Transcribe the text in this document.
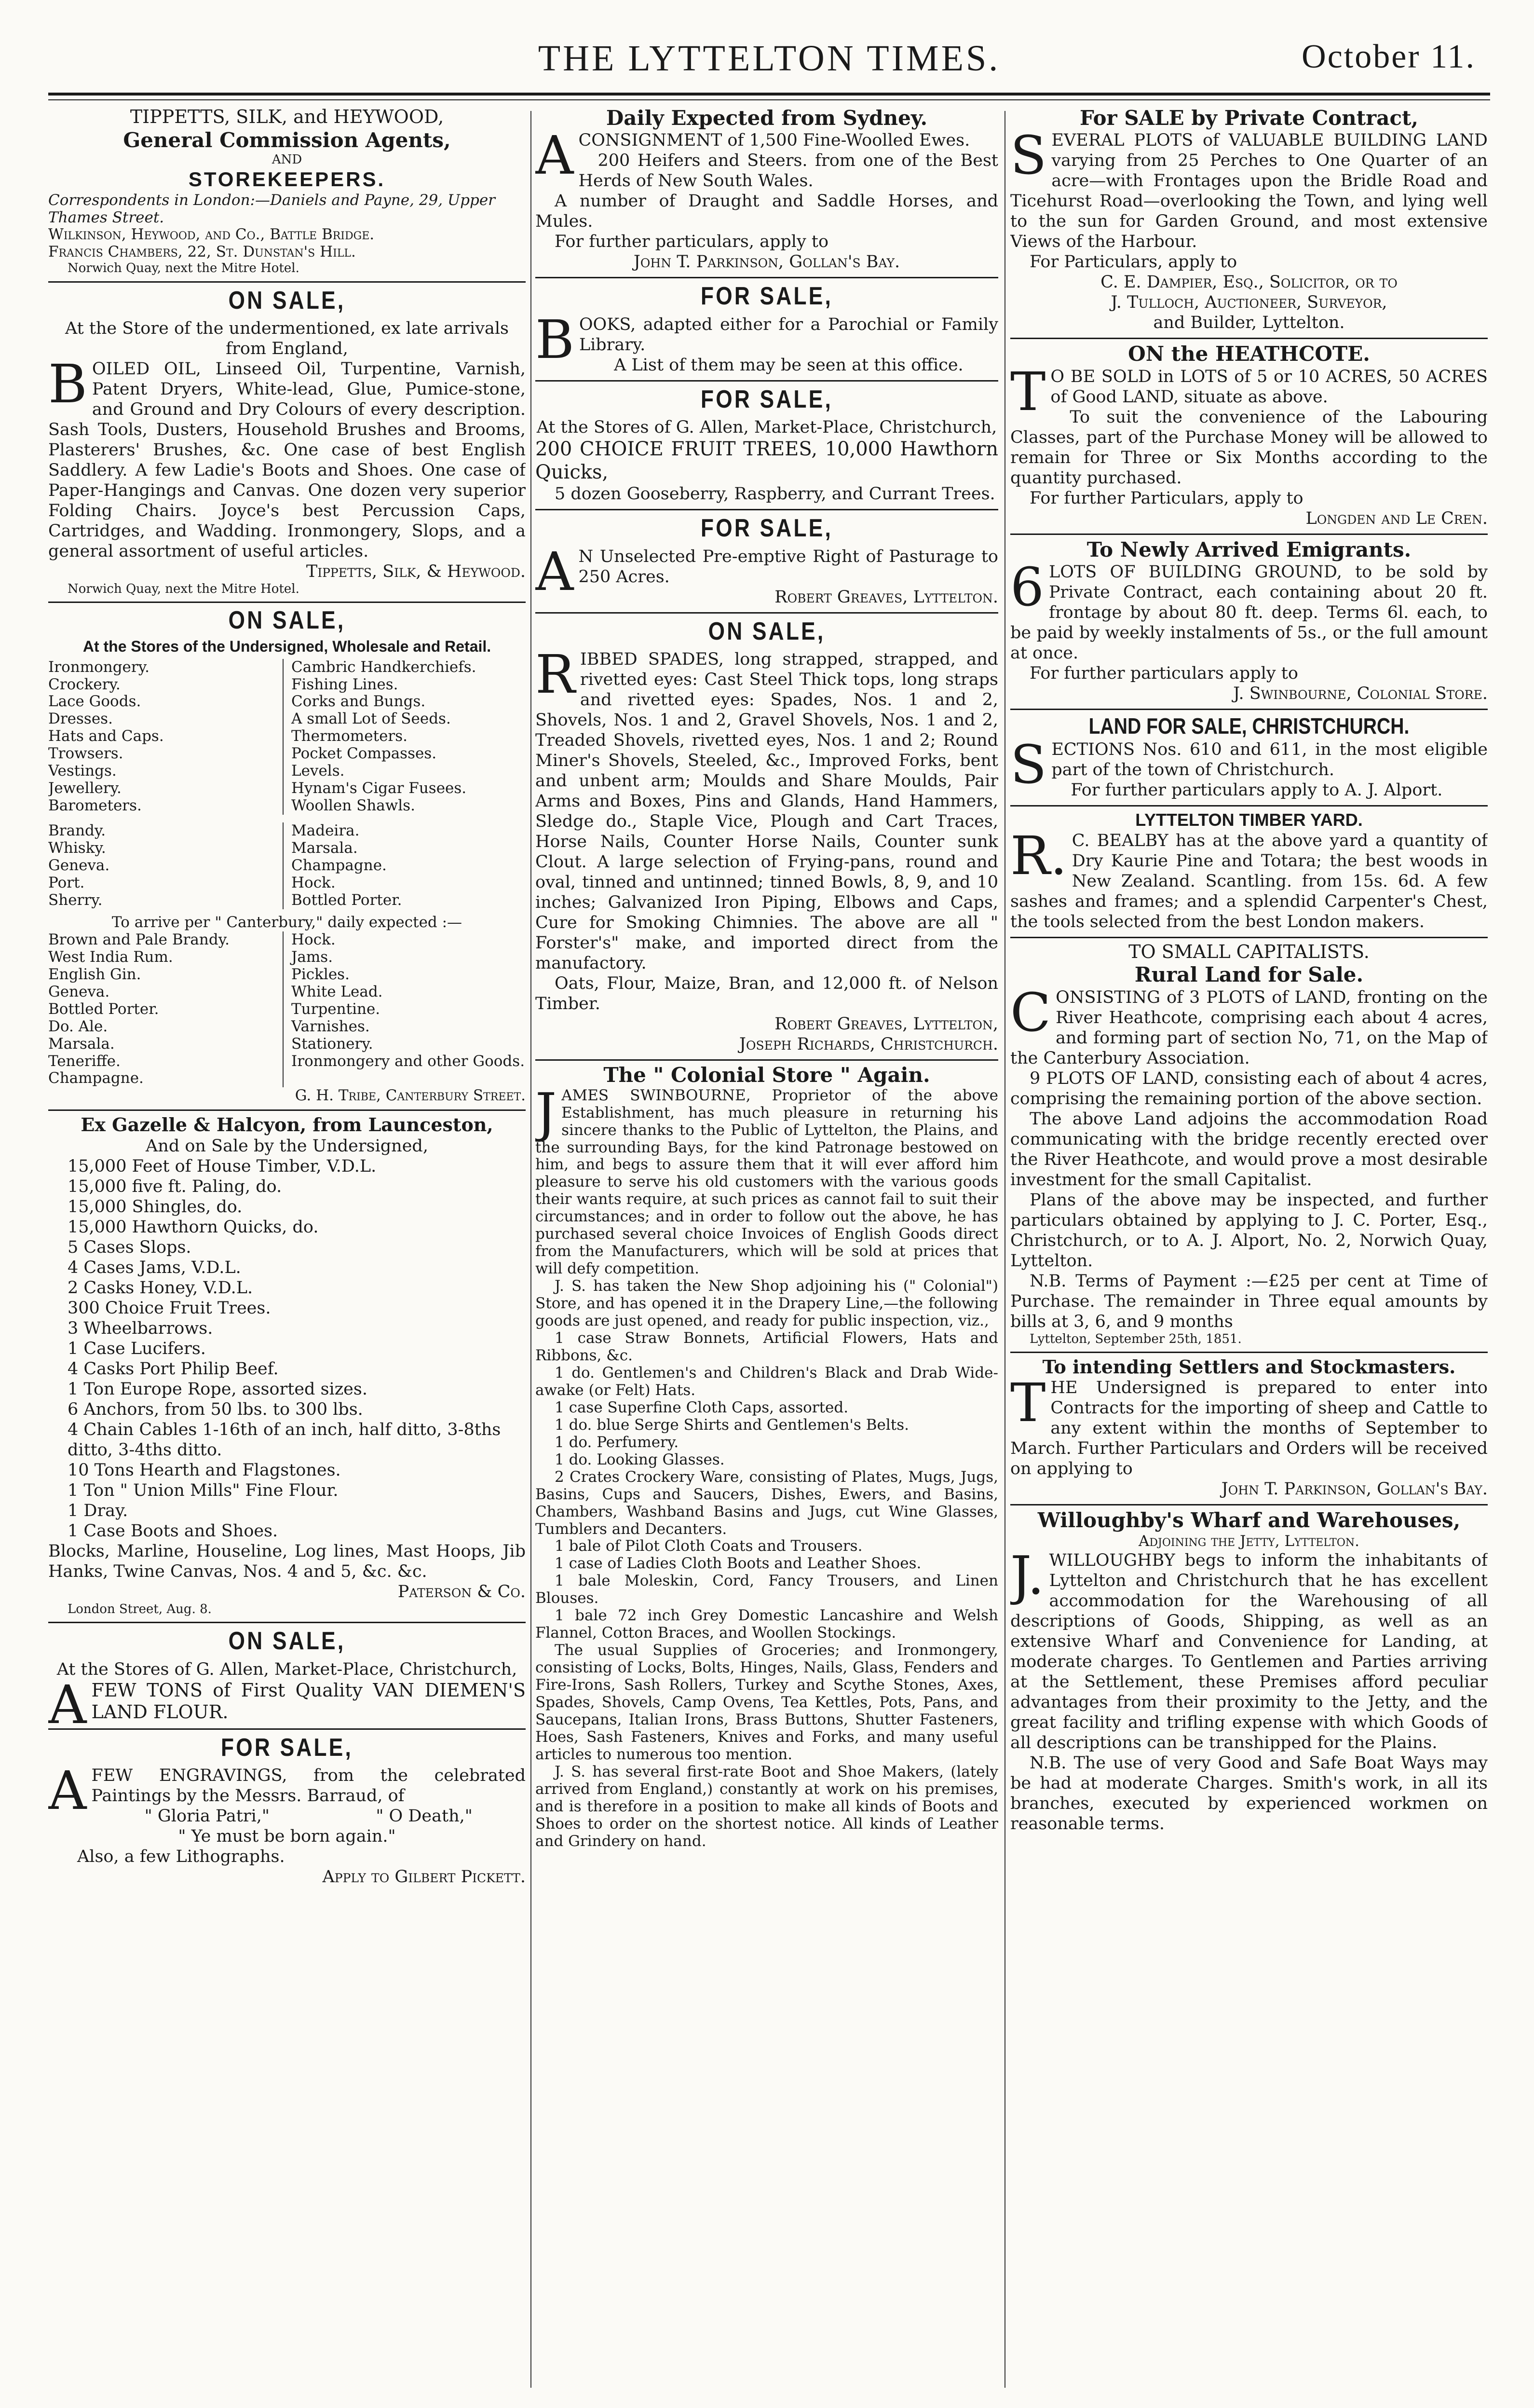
THE LYTTELTON TIMES.	October 11.
TIPPETTS, SILK, and HEYWOOD,
General Commission Agents,
AND
STOREKEEPERS.
Correspondents in London:—Daniels and Payne, 29, Upper Thames Street.
Wilkinson, Heywood, and Co., Battle Bridge.
Francis Chambers, 22, St. Dunstan's Hill.
Norwich Quay, next the Mitre Hotel.
ON SALE,
At the Store of the undermentioned, ex late arrivals from England,

BOILED OIL, Linseed Oil, Turpentine, Varnish, Patent Dryers, White-lead, Glue, Pumice-stone, and Ground and Dry Colours of every description. Sash Tools, Dusters, Household Brushes and Brooms, Plasterers' Brushes, &c. One case of best English Saddlery. A few Ladie's Boots and Shoes. One case of Paper-Hangings and Canvas. One dozen very superior Folding Chairs. Joyce's best Percussion Caps, Cartridges, and Wadding. Ironmongery, Slops, and a general assortment of useful articles.

Tippetts, Silk, & Heywood.
Norwich Quay, next the Mitre Hotel.
ON SALE,
At the Stores of the Undersigned, Wholesale and Retail.
Ironmongery.
Crockery.
Lace Goods.
Dresses.
Hats and Caps.
Trowsers.
Vestings.
Jewellery.
Barometers.
Cambric Handkerchiefs.
Fishing Lines.
Corks and Bungs.
A small Lot of Seeds.
Thermometers.
Pocket Compasses.
Levels.
Hynam's Cigar Fusees.
Woollen Shawls.
Brandy.
Whisky.
Geneva.
Port.
Sherry.
Madeira.
Marsala.
Champagne.
Hock.
Bottled Porter.
To arrive per " Canterbury," daily expected :—
Brown and Pale Brandy.
West India Rum.
English Gin.
Geneva.
Bottled Porter.
Do. Ale.
Marsala.
Teneriffe.
Champagne.
Hock.
Jams.
Pickles.
White Lead.
Turpentine.
Varnishes.
Stationery.
Ironmongery and other Goods.
G. H. Tribe, Canterbury Street.
Ex Gazelle & Halcyon, from Launceston,
And on Sale by the Undersigned,
15,000 Feet of House Timber, V.D.L.
15,000 five ft. Paling, do.
15,000 Shingles, do.
15,000 Hawthorn Quicks, do.
5 Cases Slops.
4 Cases Jams, V.D.L.
2 Casks Honey, V.D.L.
300 Choice Fruit Trees.
3 Wheelbarrows.
1 Case Lucifers.
4 Casks Port Philip Beef.
1 Ton Europe Rope, assorted sizes.
6 Anchors, from 50 lbs. to 300 lbs.
4 Chain Cables 1-16th of an inch, half ditto, 3-8ths ditto, 3-4ths ditto.
10 Tons Hearth and Flagstones.
1 Ton " Union Mills" Fine Flour.
1 Dray.
1 Case Boots and Shoes.

Blocks, Marline, Houseline, Log lines, Mast Hoops, Jib Hanks, Twine Canvas, Nos. 4 and 5, &c. &c.

Paterson & Co.
London Street, Aug. 8.
ON SALE,
At the Stores of G. Allen, Market-Place, Christchurch,

AFEW TONS of First Quality VAN DIEMEN'S LAND FLOUR.

FOR SALE,

AFEW ENGRAVINGS, from the celebrated Paintings by the Messrs. Barraud, of

" Gloria Patri,"	" O Death,"
" Ye must be born again."
Also, a few Lithographs.
Apply to Gilbert Pickett.
Daily Expected from Sydney.

ACONSIGNMENT of 1,500 Fine-Woolled Ewes.

200 Heifers and Steers. from one of the Best Herds of New South Wales.

A number of Draught and Saddle Horses, and Mules.

For further particulars, apply to

John T. Parkinson, Gollan's Bay.
FOR SALE,

BOOKS, adapted either for a Parochial or Family Library.

A List of them may be seen at this office.
FOR SALE,
At the Stores of G. Allen, Market-Place, Christchurch,

200 CHOICE FRUIT TREES, 10,000 Hawthorn Quicks,

5 dozen Gooseberry, Raspberry, and Currant Trees.

FOR SALE,

AN Unselected Pre-emptive Right of Pasturage to 250 Acres.

Robert Greaves, Lyttelton.
ON SALE,

RIBBED SPADES, long strapped, strapped, and rivetted eyes: Cast Steel Thick tops, long straps and rivetted eyes: Spades, Nos. 1 and 2, Shovels, Nos. 1 and 2, Gravel Shovels, Nos. 1 and 2, Treaded Shovels, rivetted eyes, Nos. 1 and 2; Round Miner's Shovels, Steeled, &c., Improved Forks, bent and unbent arm; Moulds and Share Moulds, Pair Arms and Boxes, Pins and Glands, Hand Hammers, Sledge do., Staple Vice, Plough and Cart Traces, Horse Nails, Counter Horse Nails, Counter sunk Clout. A large selection of Frying-pans, round and oval, tinned and untinned; tinned Bowls, 8, 9, and 10 inches; Galvanized Iron Piping, Elbows and Caps, Cure for Smoking Chimnies. The above are all " Forster's" make, and imported direct from the manufactory.

Oats, Flour, Maize, Bran, and 12,000 ft. of Nelson Timber.

Robert Greaves, Lyttelton,
Joseph Richards, Christchurch.
The " Colonial Store " Again.

JAMES SWINBOURNE, Proprietor of the above Establishment, has much pleasure in returning his sincere thanks to the Public of Lyttelton, the Plains, and the surrounding Bays, for the kind Patronage bestowed on him, and begs to assure them that it will ever afford him pleasure to serve his old customers with the various goods their wants require, at such prices as cannot fail to suit their circumstances; and in order to follow out the above, he has purchased several choice Invoices of English Goods direct from the Manufacturers, which will be sold at prices that will defy competition.

J. S. has taken the New Shop adjoining his (" Colonial") Store, and has opened it in the Drapery Line,—the following goods are just opened, and ready for public inspection, viz.,

1 case Straw Bonnets, Artificial Flowers, Hats and Ribbons, &c.

1 do. Gentlemen's and Children's Black and Drab Wide-awake (or Felt) Hats.

1 case Superfine Cloth Caps, assorted.

1 do. blue Serge Shirts and Gentlemen's Belts.

1 do. Perfumery.

1 do. Looking Glasses.

2 Crates Crockery Ware, consisting of Plates, Mugs, Jugs, Basins, Cups and Saucers, Dishes, Ewers, and Basins, Chambers, Washband Basins and Jugs, cut Wine Glasses, Tumblers and Decanters.

1 bale of Pilot Cloth Coats and Trousers.

1 case of Ladies Cloth Boots and Leather Shoes.

1 bale Moleskin, Cord, Fancy Trousers, and Linen Blouses.

1 bale 72 inch Grey Domestic Lancashire and Welsh Flannel, Cotton Braces, and Woollen Stockings.

The usual Supplies of Groceries; and Ironmongery, consisting of Locks, Bolts, Hinges, Nails, Glass, Fenders and Fire-Irons, Sash Rollers, Turkey and Scythe Stones, Axes, Spades, Shovels, Camp Ovens, Tea Kettles, Pots, Pans, and Saucepans, Italian Irons, Brass Buttons, Shutter Fasteners, Hoes, Sash Fasteners, Knives and Forks, and many useful articles to numerous too mention.

J. S. has several first-rate Boot and Shoe Makers, (lately arrived from England,) constantly at work on his premises, and is therefore in a position to make all kinds of Boots and Shoes to order on the shortest notice. All kinds of Leather and Grindery on hand.

For SALE by Private Contract,

SEVERAL PLOTS of VALUABLE BUILDING LAND varying from 25 Perches to One Quarter of an acre—with Frontages upon the Bridle Road and Ticehurst Road—overlooking the Town, and lying well to the sun for Garden Ground, and most extensive Views of the Harbour.

For Particulars, apply to

C. E. Dampier, Esq., Solicitor, or to
J. Tulloch, Auctioneer, Surveyor,
and Builder, Lyttelton.
ON the HEATHCOTE.

TO BE SOLD in LOTS of 5 or 10 ACRES, 50 ACRES of Good LAND, situate as above.

To suit the convenience of the Labouring Classes, part of the Purchase Money will be allowed to remain for Three or Six Months according to the quantity purchased.

For further Particulars, apply to

Longden and Le Cren.
To Newly Arrived Emigrants.

6LOTS OF BUILDING GROUND, to be sold by Private Contract, each containing about 20 ft. frontage by about 80 ft. deep. Terms 6l. each, to be paid by weekly instalments of 5s., or the full amount at once.

For further particulars apply to

J. Swinbourne, Colonial Store.
LAND FOR SALE, CHRISTCHURCH.

SECTIONS Nos. 610 and 611, in the most eligible part of the town of Christchurch.

For further particulars apply to A. J. Alport.

LYTTELTON TIMBER YARD.

R.C. BEALBY has at the above yard a quantity of Dry Kaurie Pine and Totara; the best woods in New Zealand. Scantling. from 15s. 6d. A few sashes and frames; and a splendid Carpenter's Chest, the tools selected from the best London makers.

TO SMALL CAPITALISTS.
Rural Land for Sale.

CONSISTING of 3 PLOTS of LAND, fronting on the River Heathcote, comprising each about 4 acres, and forming part of section No, 71, on the Map of the Canterbury Association.

9 PLOTS OF LAND, consisting each of about 4 acres, comprising the remaining portion of the above section.

The above Land adjoins the accommodation Road communicating with the bridge recently erected over the River Heathcote, and would prove a most desirable investment for the small Capitalist.

Plans of the above may be inspected, and further particulars obtained by applying to J. C. Porter, Esq., Christchurch, or to A. J. Alport, No. 2, Norwich Quay, Lyttelton.

N.B. Terms of Payment :—£25 per cent at Time of Purchase. The remainder in Three equal amounts by bills at 3, 6, and 9 months

Lyttelton, September 25th, 1851.
To intending Settlers and Stockmasters.

THE Undersigned is prepared to enter into Contracts for the importing of sheep and Cattle to any extent within the months of September to March. Further Particulars and Orders will be received on applying to

John T. Parkinson, Gollan's Bay.
Willoughby's Wharf and Warehouses,
Adjoining the Jetty, Lyttelton.

J.WILLOUGHBY begs to inform the inhabitants of Lyttelton and Christchurch that he has excellent accommodation for the Warehousing of all descriptions of Goods, Shipping, as well as an extensive Wharf and Convenience for Landing, at moderate charges. To Gentlemen and Parties arriving at the Settlement, these Premises afford peculiar advantages from their proximity to the Jetty, and the great facility and trifling expense with which Goods of all descriptions can be transhipped for the Plains.

N.B. The use of very Good and Safe Boat Ways may be had at moderate Charges. Smith's work, in all its branches, executed by experienced workmen on reasonable terms.
